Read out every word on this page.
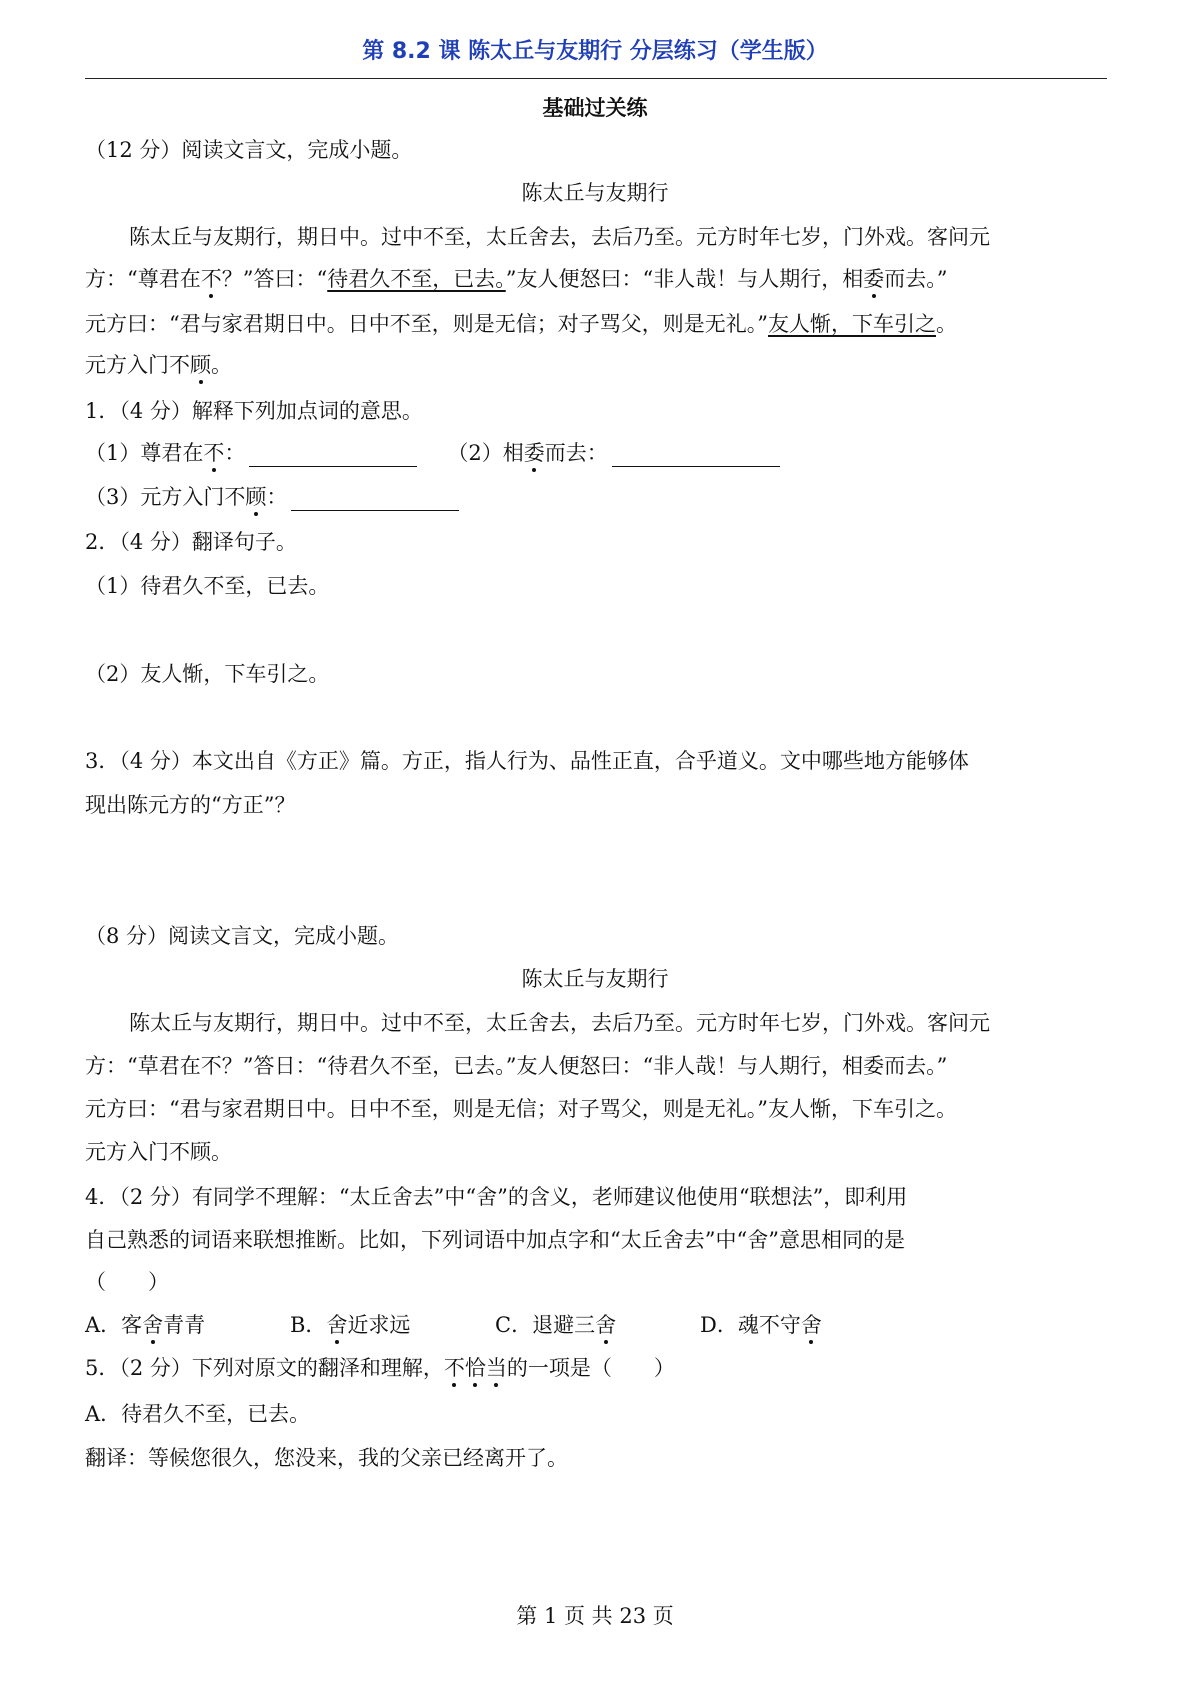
第 8.2 课 陈太丘与友期行 分层练习（学生版）
基础过关练
（12 分）阅读文言文，完成小题。
陈太丘与友期行
陈太丘与友期行，期日中。过中不至，太丘舍去，去后乃至。元方时年七岁，门外戏。客问元
方：“尊君在不？”答曰：“待君久不至，已去。”友人便怒曰：“非人哉！与人期行，相委而去。”
元方曰：“君与家君期日中。日中不至，则是无信；对子骂父，则是无礼。”友人惭，下车引之。
元方入门不顾。
1．（4 分）解释下列加点词的意思。
（1）尊君在不：	（2）相委而去：
（3）元方入门不顾：
2．（4 分）翻译句子。
（1）待君久不至，已去。
（2）友人惭，下车引之。
3．（4 分）本文出自《方正》篇。方正，指人行为、品性正直，合乎道义。文中哪些地方能够体
现出陈元方的“方正”？
（8 分）阅读文言文，完成小题。
陈太丘与友期行
陈太丘与友期行，期日中。过中不至，太丘舍去，去后乃至。元方时年七岁，门外戏。客问元
方：“草君在不？”答日：“待君久不至，已去。”友人便怒曰：“非人哉！与人期行，相委而去。”
元方曰：“君与家君期日中。日中不至，则是无信；对子骂父，则是无礼。”友人惭，下车引之。
元方入门不顾。
4．（2 分）有同学不理解：“太丘舍去”中“舍”的含义，老师建议他使用“联想法”，即利用
自己熟悉的词语来联想推断。比如，下列词语中加点字和“太丘舍去”中“舍”意思相同的是
（　　）
A．客舍青青	B．舍近求远	C．退避三舍	D．魂不守舍
5．（2 分）下列对原文的翻泽和理解，不恰当的一项是（　　）
A．待君久不至，已去。
翻译：等候您很久，您没来，我的父亲已经离开了。
第 1 页 共 23 页
